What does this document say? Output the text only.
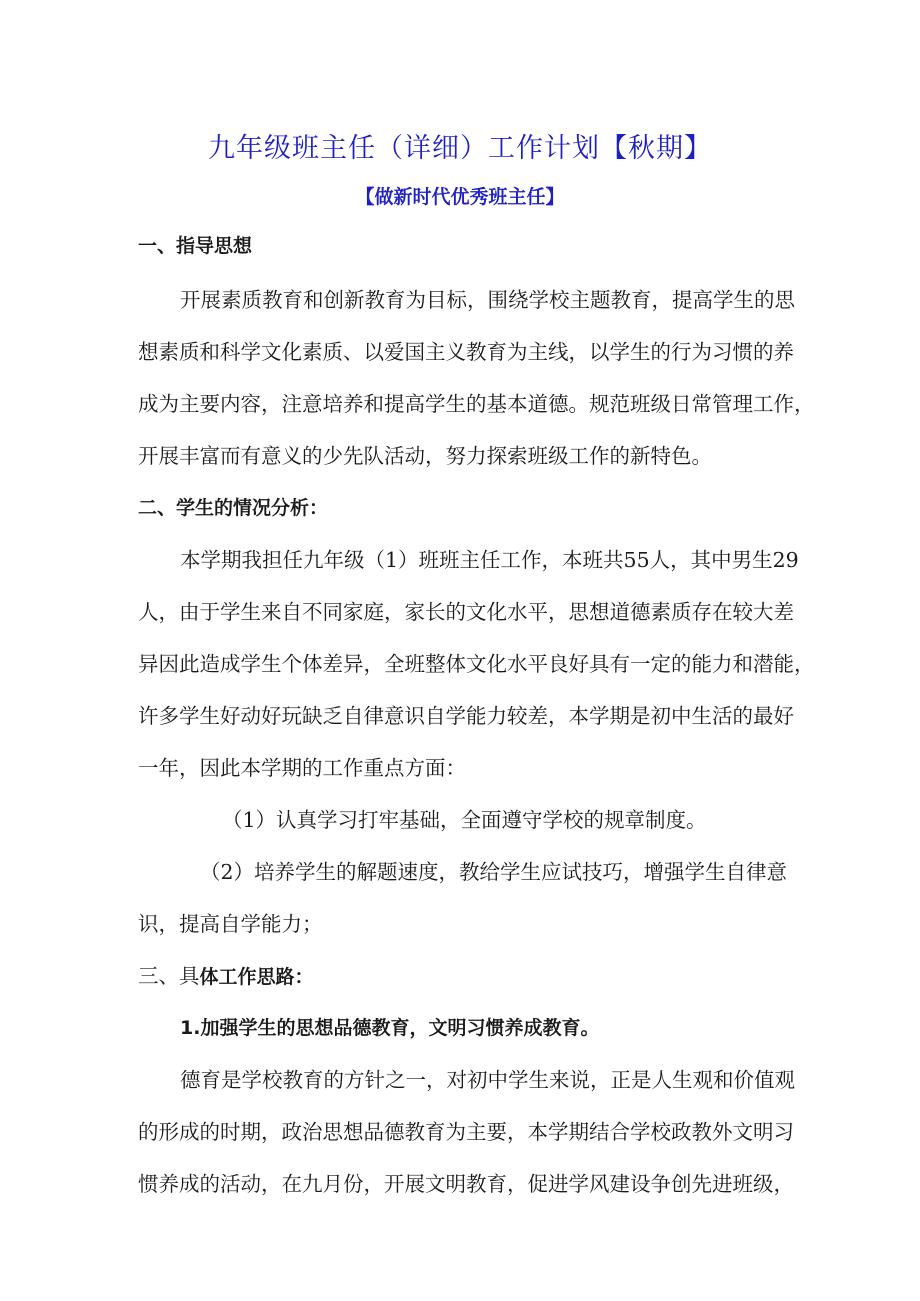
九年级班主任（详细）工作计划【秋期】
【做新时代优秀班主任】
一、指导思想
开展素质教育和创新教育为目标，围绕学校主题教育，提高学生的思
想素质和科学文化素质、以爱国主义教育为主线，以学生的行为习惯的养
成为主要内容，注意培养和提高学生的基本道德。规范班级日常管理工作，
开展丰富而有意义的少先队活动，努力探索班级工作的新特色。
二、学生的情况分析：
本学期我担任九年级（1）班班主任工作，本班共55人，其中男生29
人，由于学生来自不同家庭，家长的文化水平，思想道德素质存在较大差
异因此造成学生个体差异，全班整体文化水平良好具有一定的能力和潜能，
许多学生好动好玩缺乏自律意识自学能力较差，本学期是初中生活的最好
一年，因此本学期的工作重点方面：
（1）认真学习打牢基础，全面遵守学校的规章制度。
（2）培养学生的解题速度，教给学生应试技巧，增强学生自律意
识，提高自学能力；
三、具体工作思路：
1.加强学生的思想品德教育，文明习惯养成教育。
德育是学校教育的方针之一，对初中学生来说，正是人生观和价值观
的形成的时期，政治思想品德教育为主要，本学期结合学校政教外文明习
惯养成的活动，在九月份，开展文明教育，促进学风建设争创先进班级，
